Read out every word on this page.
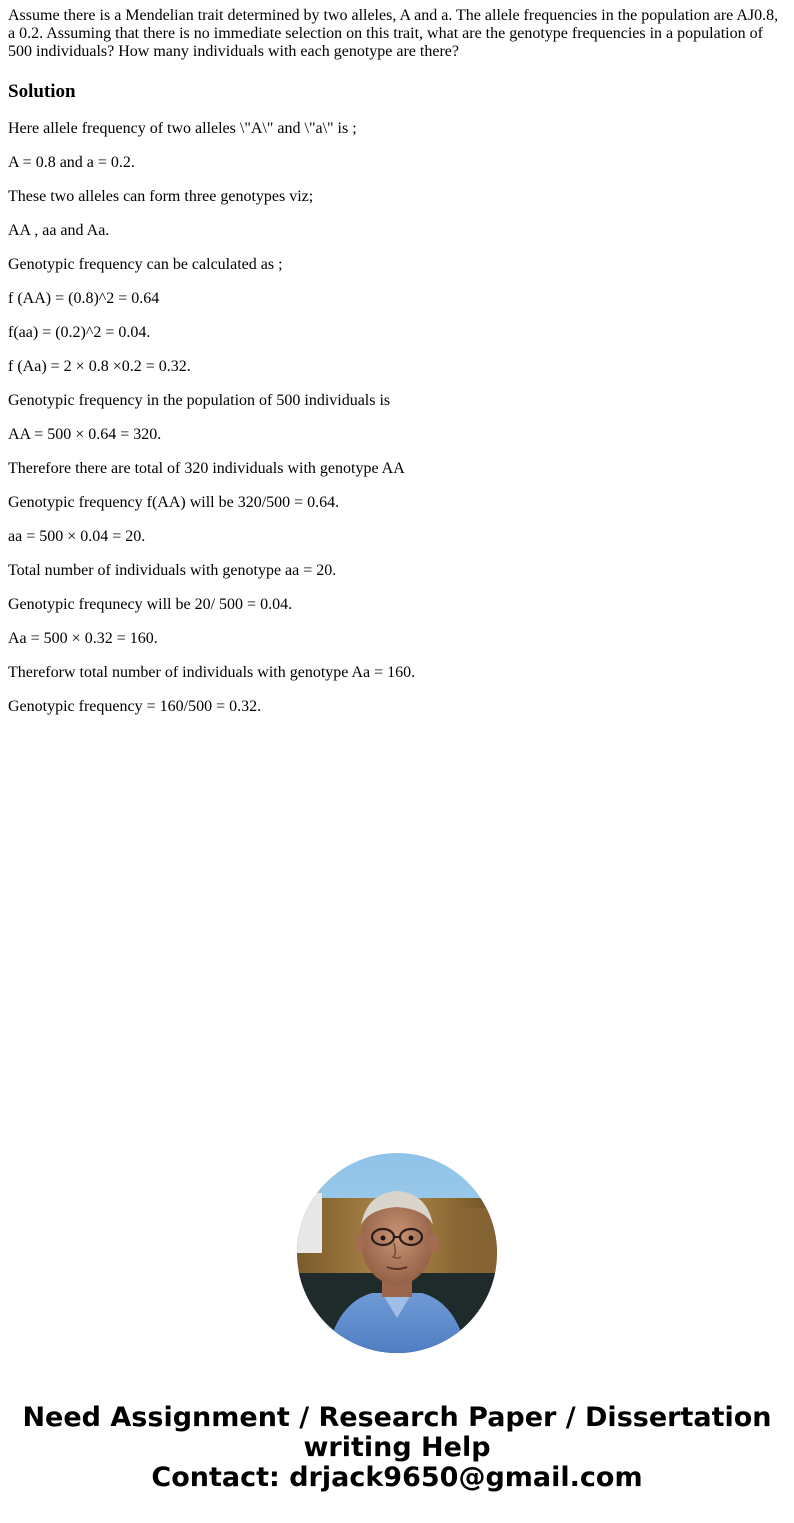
Assume there is a Mendelian trait determined by two alleles, A and a. The allele frequencies in the population are AJ0.8, a 0.2. Assuming that there is no immediate selection on this trait, what are the genotype frequencies in a population of 500 individuals? How many individuals with each genotype are there?

Solution

Here allele frequency of two alleles \"A\" and \"a\" is ;

A = 0.8 and a = 0.2.

These two alleles can form three genotypes viz;

AA , aa and Aa.

Genotypic frequency can be calculated as ;

f (AA) = (0.8)^2 = 0.64

f(aa) = (0.2)^2 = 0.04.

f (Aa) = 2 × 0.8 ×0.2 = 0.32.

Genotypic frequency in the population of 500 individuals is

AA = 500 × 0.64 = 320.

Therefore there are total of 320 individuals with genotype AA

Genotypic frequency f(AA) will be 320/500 = 0.64.

aa = 500 × 0.04 = 20.

Total number of individuals with genotype aa = 20.

Genotypic frequnecy will be 20/ 500 = 0.04.

Aa = 500 × 0.32 = 160.

Thereforw total number of individuals with genotype Aa = 160.

Genotypic frequency = 160/500 = 0.32.

Need Assignment / Research Paper / Dissertation
writing Help
Contact: drjack9650@gmail.com
